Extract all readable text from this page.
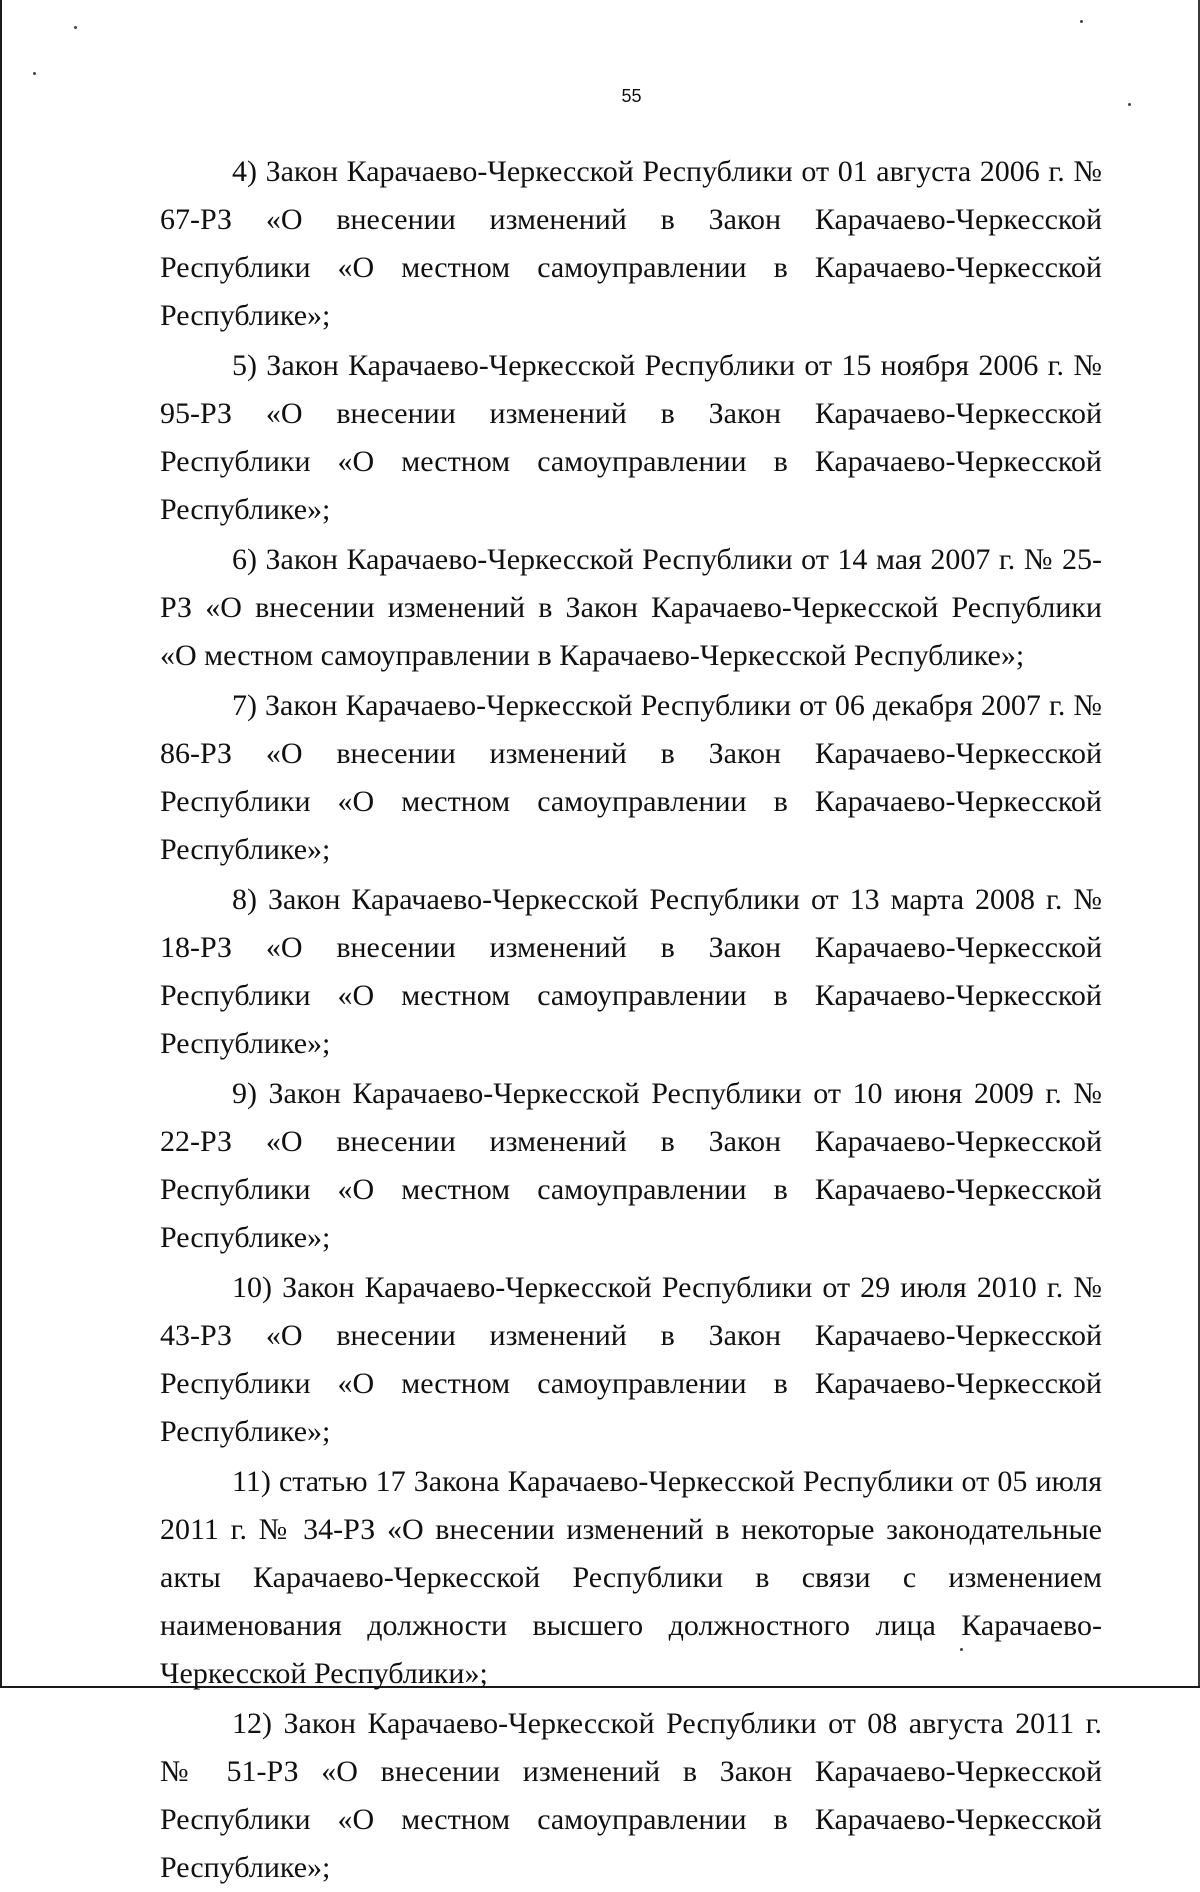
55

4) Закон Карачаево-Черкесской Республики от 01 августа 2006 г. № 67-РЗ «О внесении изменений в Закон Карачаево-Черкесской Республики «О местном самоуправлении в Карачаево-Черкесской Республике»;

5) Закон Карачаево-Черкесской Республики от 15 ноября 2006 г. № 95-РЗ «О внесении изменений в Закон Карачаево-Черкесской Республики «О местном самоуправлении в Карачаево-Черкесской Республике»;

6) Закон Карачаево-Черкесской Республики от 14 мая 2007 г. № 25-РЗ «О внесении изменений в Закон Карачаево-Черкесской Республики «О местном самоуправлении в Карачаево-Черкесской Республике»;

7) Закон Карачаево-Черкесской Республики от 06 декабря 2007 г. № 86-РЗ «О внесении изменений в Закон Карачаево-Черкесской Республики «О местном самоуправлении в Карачаево-Черкесской Республике»;

8) Закон Карачаево-Черкесской Республики от 13 марта 2008 г. № 18-РЗ «О внесении изменений в Закон Карачаево-Черкесской Республики «О местном самоуправлении в Карачаево-Черкесской Республике»;

9) Закон Карачаево-Черкесской Республики от 10 июня 2009 г. № 22-РЗ «О внесении изменений в Закон Карачаево-Черкесской Республики «О местном самоуправлении в Карачаево-Черкесской Республике»;

10) Закон Карачаево-Черкесской Республики от 29 июля 2010 г. № 43-РЗ «О внесении изменений в Закон Карачаево-Черкесской Республики «О местном самоуправлении в Карачаево-Черкесской Республике»;

11) статью 17 Закона Карачаево-Черкесской Республики от 05 июля 2011 г. № 34-РЗ «О внесении изменений в некоторые законодательные акты Карачаево-Черкесской Республики в связи с изменением наименования должности высшего должностного лица Карачаево-Черкесской Республики»;

12) Закон Карачаево-Черкесской Республики от 08 августа 2011 г. № 51-РЗ «О внесении изменений в Закон Карачаево-Черкесской Республики «О местном самоуправлении в Карачаево-Черкесской Республике»;
